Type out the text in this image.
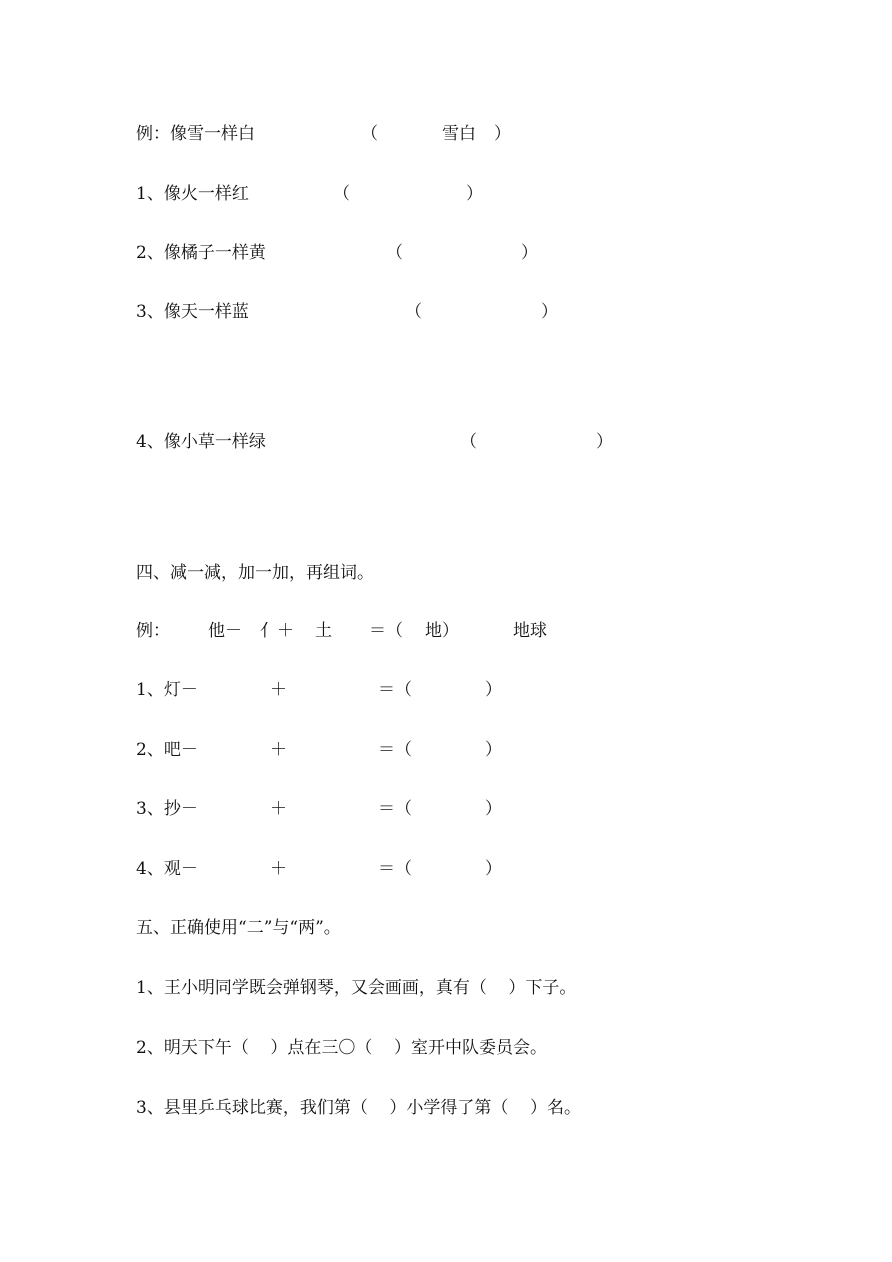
例：像雪一样白	（	雪白 ）
1、像火一样红	（	）
2、像橘子一样黄	（	）
3、像天一样蓝	（	）
4、像小草一样绿	（	）
四、减一减，加一加，再组词。
例： 他－ 亻＋ 土 ＝（ 地）	地球
1、灯－	＋	＝（	）
2、吧－	＋	＝（	）
3、抄－	＋	＝（	）
4、观－	＋	＝（	）
五、正确使用“二”与“两”。
1、王小明同学既会弹钢琴，又会画画，真有（    ）下子。
2、明天下午（    ）点在三〇（    ）室开中队委员会。
3、县里乒乓球比赛，我们第（    ）小学得了第（    ）名。
